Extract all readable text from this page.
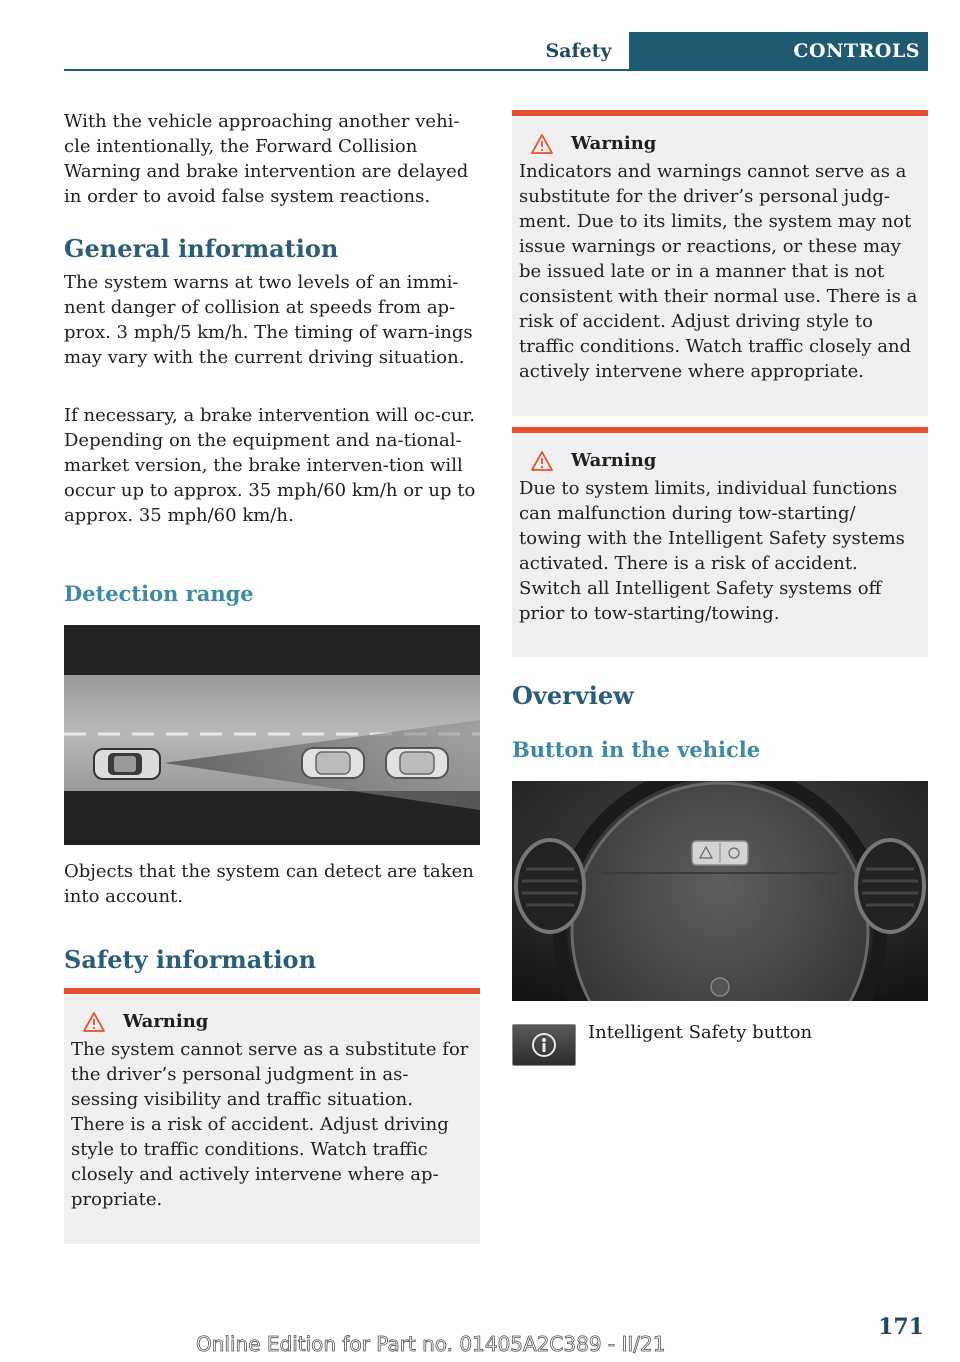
Safety	CONTROLS

With the vehicle approaching another vehi-cle intentionally, the Forward Collision Warning and brake intervention are delayed in order to avoid false system reactions.

General information

The system warns at two levels of an immi-nent danger of collision at speeds from ap-prox. 3 mph/5 km/h. The timing of warn-ings may vary with the current driving situation.

If necessary, a brake intervention will oc-cur. Depending on the equipment and na-tional-market version, the brake interven-tion will occur up to approx. 35 mph/60 km/h or up to approx. 35 mph/60 km/h.

Detection range

Objects that the system can detect are taken into account.

Safety information
Warning

The system cannot serve as a substitute for the driver’s personal judgment in as-sessing visibility and traffic situation. There is a risk of accident. Adjust driving style to traffic conditions. Watch traffic closely and actively intervene where ap-propriate.

Warning

Indicators and warnings cannot serve as a substitute for the driver’s personal judg-ment. Due to its limits, the system may not issue warnings or reactions, or these may be issued late or in a manner that is not consistent with their normal use. There is a risk of accident. Adjust driving style to traffic conditions. Watch traffic closely and actively intervene where appropriate.

Warning

Due to system limits, individual functions can malfunction during tow-starting/ towing with the Intelligent Safety systems activated. There is a risk of accident. Switch all Intelligent Safety systems off prior to tow-starting/towing.

Overview
Button in the vehicle
Intelligent Safety button
171
Online Edition for Part no. 01405A2C389 - II/21
